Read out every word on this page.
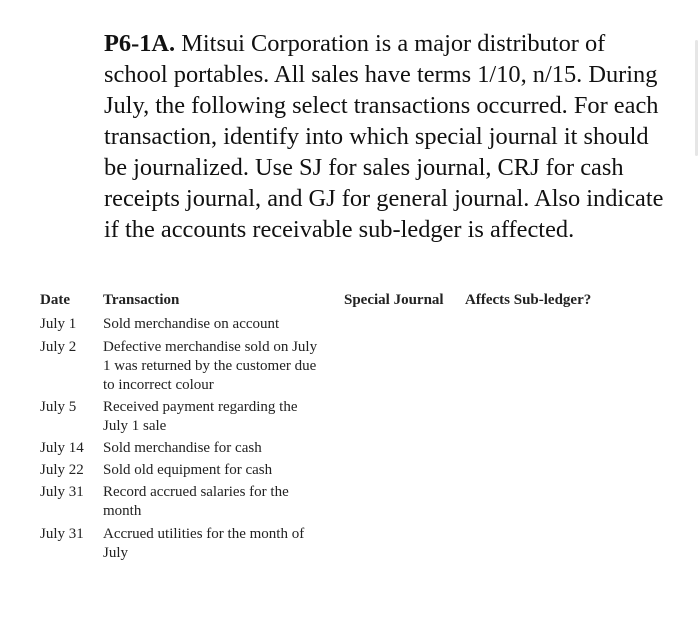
P6-1A. Mitsui Corporation is a major distributor of school portables. All sales have terms 1/10, n/15. During July, the following select transactions occurred. For each transaction, identify into which special journal it should be journalized. Use SJ for sales journal, CRJ for cash receipts journal, and GJ for general journal. Also indicate if the accounts receivable sub-ledger is affected.
Date Transaction	Special Journal Affects Sub-ledger?
July 1 Sold merchandise on account
July 2 Defective merchandise sold on July 1 was returned by the customer due to incorrect colour
July 5 Received payment regarding the July 1 sale
July 14 Sold merchandise for cash
July 22 Sold old equipment for cash
July 31 Record accrued salaries for the month
July 31 Accrued utilities for the month of July
